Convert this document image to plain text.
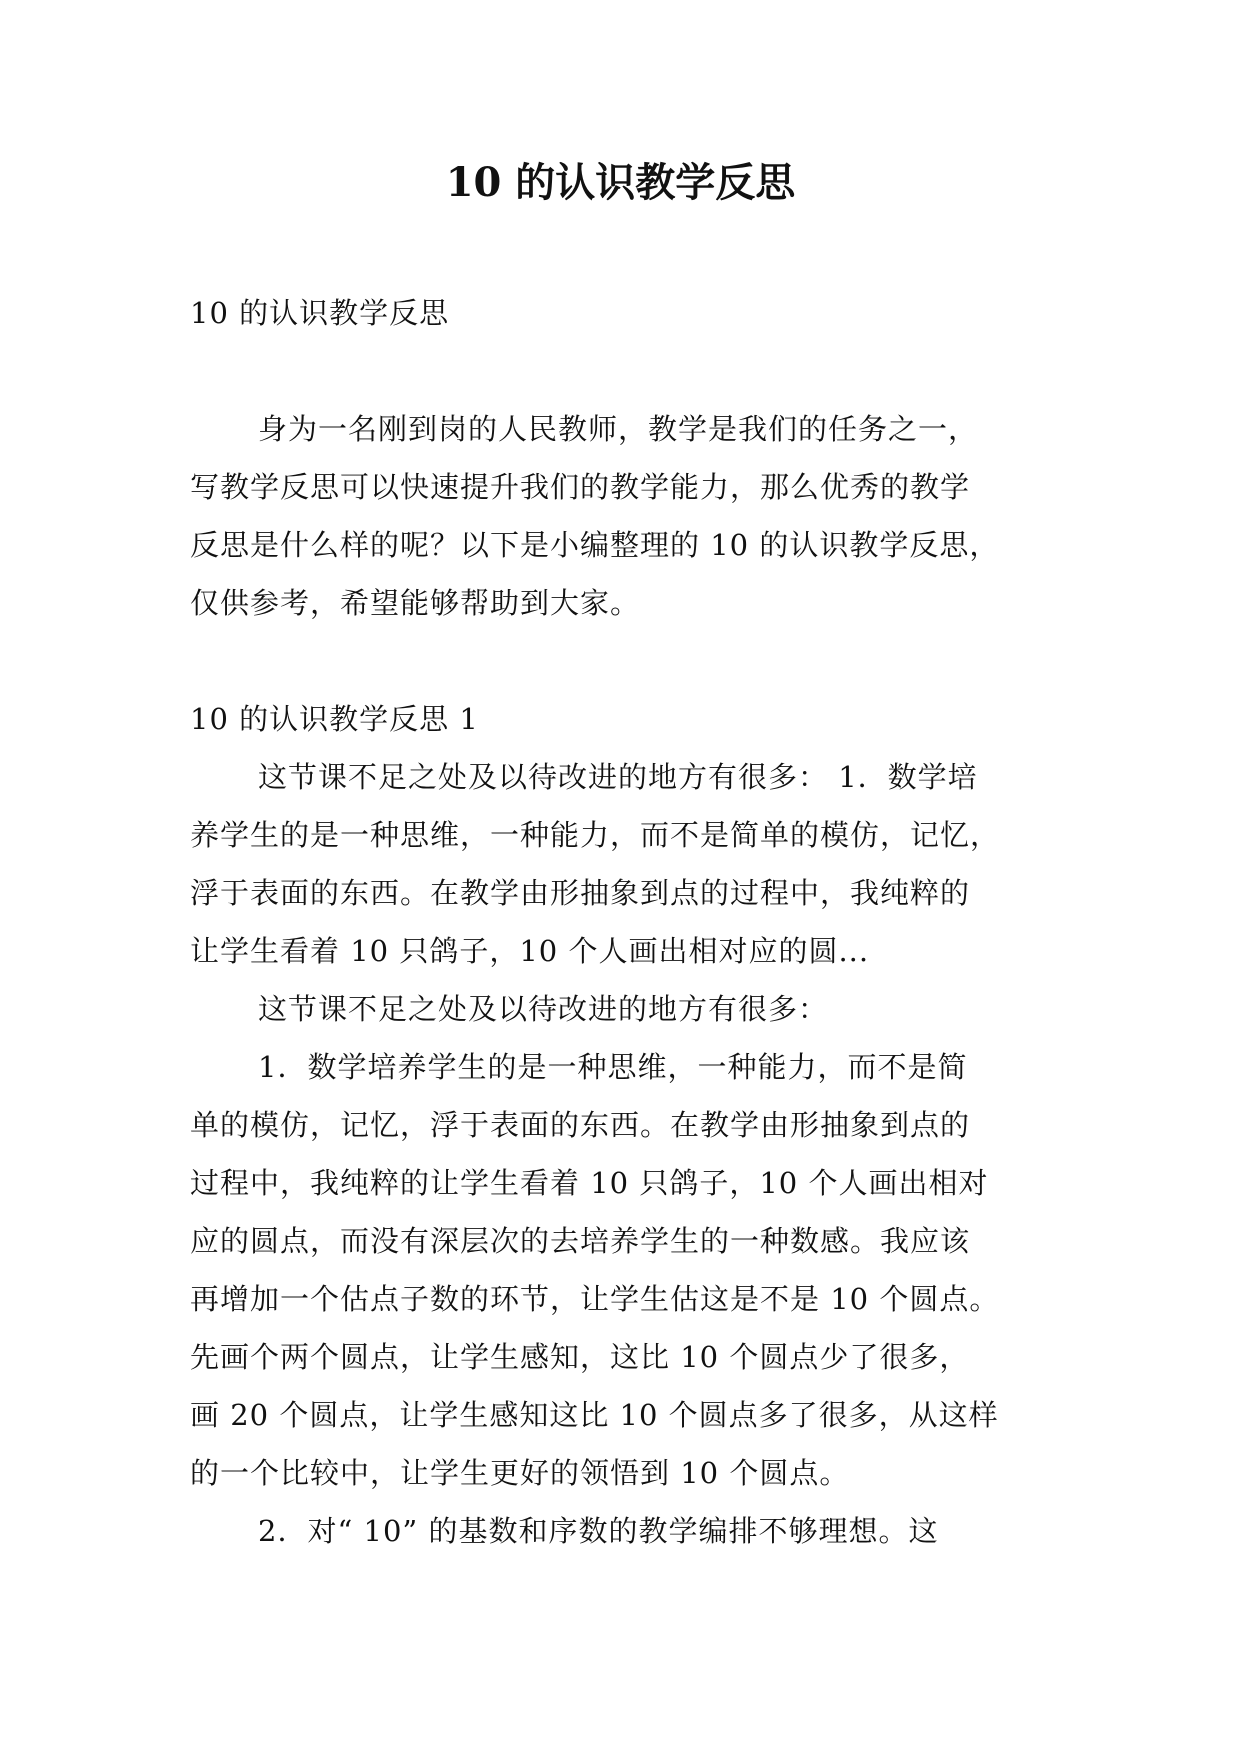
10 的认识教学反思
10 的认识教学反思
身为一名刚到岗的人民教师，教学是我们的任务之一，
写教学反思可以快速提升我们的教学能力，那么优秀的教学
反思是什么样的呢？以下是小编整理的 10 的认识教学反思，
仅供参考，希望能够帮助到大家。
10 的认识教学反思 1
这节课不足之处及以待改进的地方有很多： 1．数学培
养学生的是一种思维，一种能力，而不是简单的模仿，记忆，
浮于表面的东西。在教学由形抽象到点的过程中，我纯粹的
让学生看着 10 只鸽子，10 个人画出相对应的圆...
这节课不足之处及以待改进的地方有很多：
1．数学培养学生的是一种思维，一种能力，而不是简
单的模仿，记忆，浮于表面的东西。在教学由形抽象到点的
过程中，我纯粹的让学生看着 10 只鸽子，10 个人画出相对
应的圆点，而没有深层次的去培养学生的一种数感。我应该
再增加一个估点子数的环节，让学生估这是不是 10 个圆点。
先画个两个圆点，让学生感知，这比 10 个圆点少了很多，
画 20 个圆点，让学生感知这比 10 个圆点多了很多，从这样
的一个比较中，让学生更好的领悟到 10 个圆点。
2．对“ 10” 的基数和序数的教学编排不够理想。这
